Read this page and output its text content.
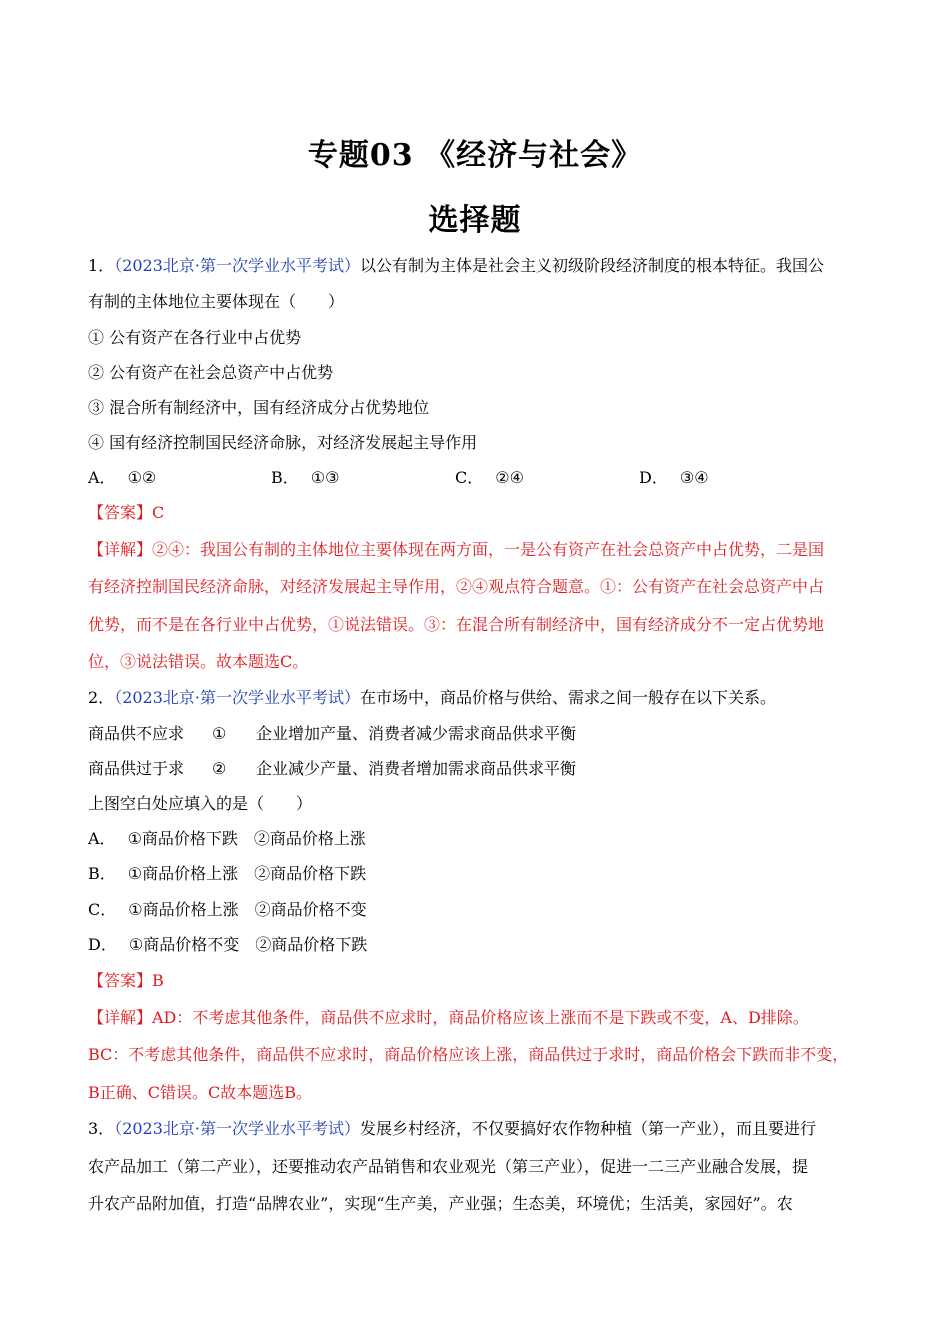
专题03 《经济与社会》
选择题
1．（2023北京·第一次学业水平考试）以公有制为主体是社会主义初级阶段经济制度的根本特征。我国公
有制的主体地位主要体现在（　　）
① 公有资产在各行业中占优势
② 公有资产在社会总资产中占优势
③ 混合所有制经济中，国有经济成分占优势地位
④ 国有经济控制国民经济命脉，对经济发展起主导作用
A． ①②	B． ①③	C． ②④	D． ③④
【答案】C
【详解】②④：我国公有制的主体地位主要体现在两方面，一是公有资产在社会总资产中占优势，二是国
有经济控制国民经济命脉，对经济发展起主导作用，②④观点符合题意。①：公有资产在社会总资产中占
优势，而不是在各行业中占优势，①说法错误。③：在混合所有制经济中，国有经济成分不一定占优势地
位，③说法错误。故本题选C。
2．（2023北京·第一次学业水平考试）在市场中，商品价格与供给、需求之间一般存在以下关系。
商品供不应求 ① 企业增加产量、消费者减少需求商品供求平衡
商品供过于求 ② 企业减少产量、消费者增加需求商品供求平衡
上图空白处应填入的是（　　）
A． ①商品价格下跌　②商品价格上涨
B． ①商品价格上涨　②商品价格下跌
C． ①商品价格上涨　②商品价格不变
D． ①商品价格不变　②商品价格下跌
【答案】B
【详解】AD：不考虑其他条件，商品供不应求时，商品价格应该上涨而不是下跌或不变，A、D排除。
BC：不考虑其他条件，商品供不应求时，商品价格应该上涨，商品供过于求时，商品价格会下跌而非不变，
B正确、C错误。C故本题选B。
3．（2023北京·第一次学业水平考试）发展乡村经济，不仅要搞好农作物种植（第一产业），而且要进行
农产品加工（第二产业），还要推动农产品销售和农业观光（第三产业），促进一二三产业融合发展，提
升农产品附加值，打造“品牌农业”，实现“生产美，产业强；生态美，环境优；生活美，家园好”。农
